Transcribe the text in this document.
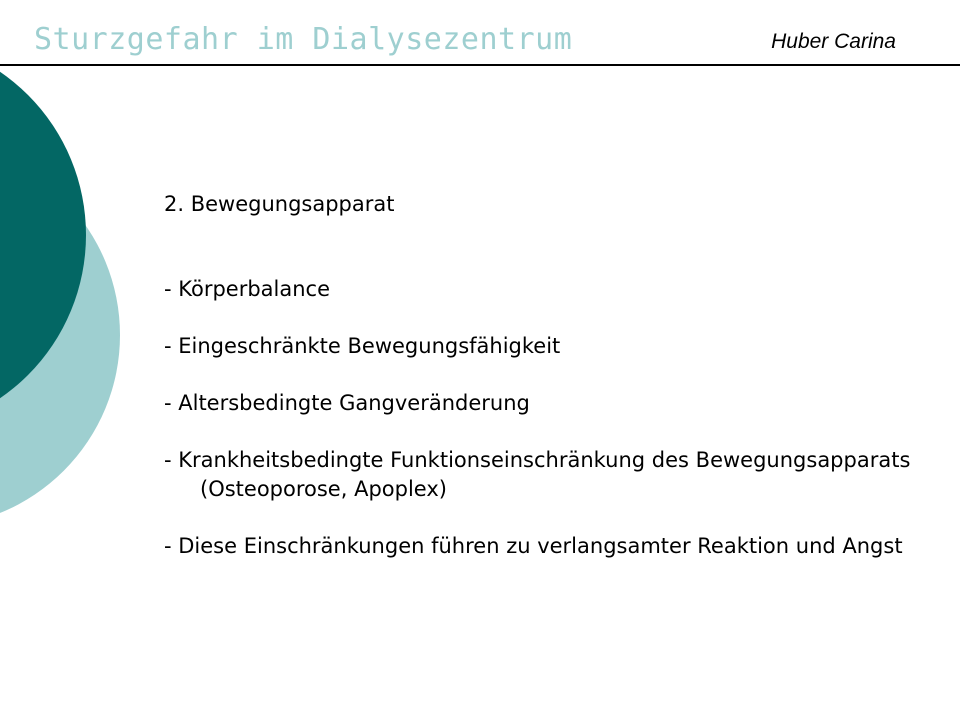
Sturzgefahr im Dialysezentrum	Huber Carina

2. Bewegungsapparat

- Körperbalance
- Eingeschränkte Bewegungsfähigkeit
- Altersbedingte Gangveränderung
- Krankheitsbedingte Funktionseinschränkung des Bewegungsapparats (Osteoporose, Apoplex)
- Diese Einschränkungen führen zu verlangsamter Reaktion und Angst
